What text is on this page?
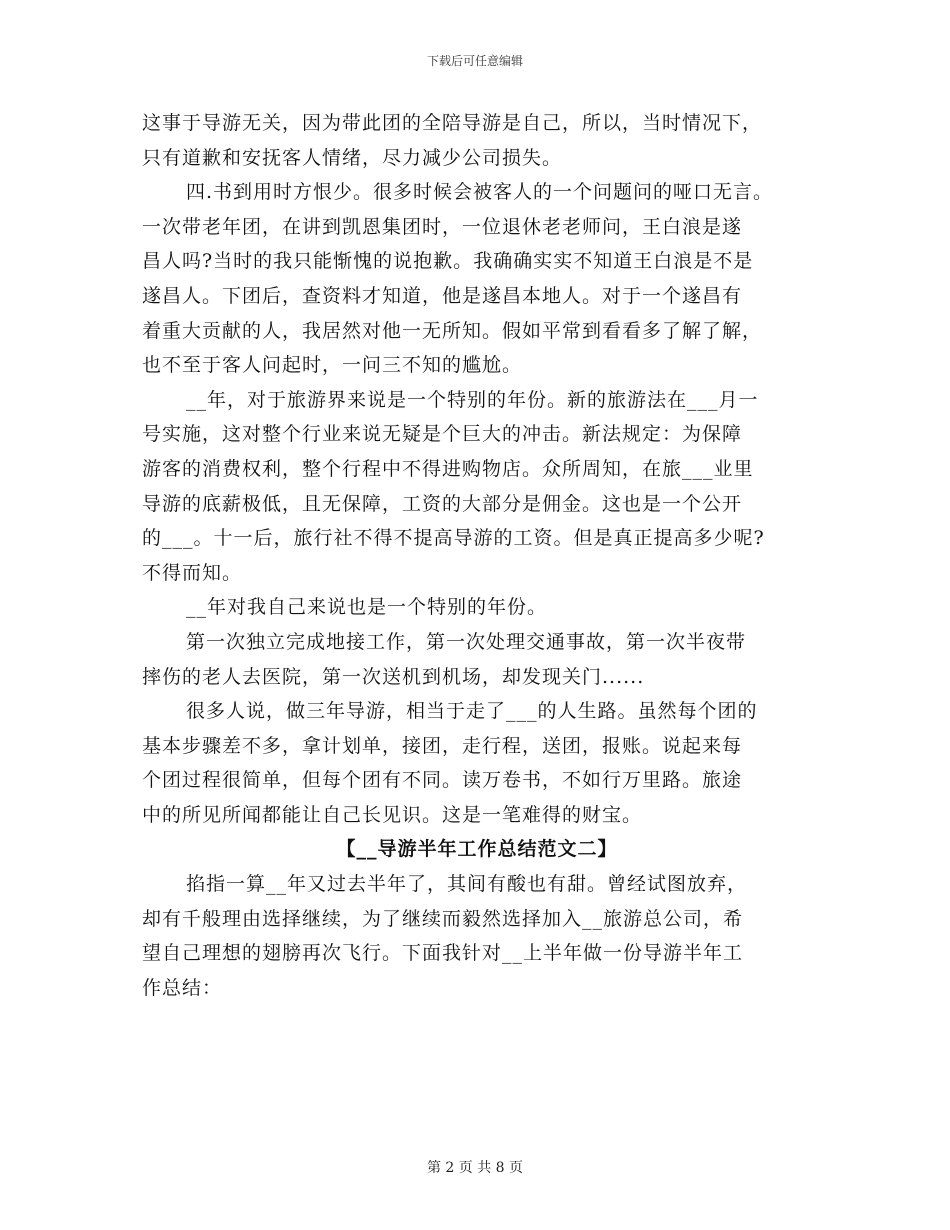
下载后可任意编辑
这事于导游无关，因为带此团的全陪导游是自己，所以，当时情况下，
只有道歉和安抚客人情绪，尽力减少公司损失。
四.书到用时方恨少。很多时候会被客人的一个问题问的哑口无言。
一次带老年团，在讲到凯恩集团时，一位退休老老师问，王白浪是遂
昌人吗?当时的我只能惭愧的说抱歉。我确确实实不知道王白浪是不是
遂昌人。下团后，查资料才知道，他是遂昌本地人。对于一个遂昌有
着重大贡献的人，我居然对他一无所知。假如平常到看看多了解了解，
也不至于客人问起时，一问三不知的尴尬。
__年，对于旅游界来说是一个特别的年份。新的旅游法在___月一
号实施，这对整个行业来说无疑是个巨大的冲击。新法规定：为保障
游客的消费权利，整个行程中不得进购物店。众所周知，在旅___业里
导游的底薪极低，且无保障，工资的大部分是佣金。这也是一个公开
的___。十一后，旅行社不得不提高导游的工资。但是真正提高多少呢?
不得而知。
__年对我自己来说也是一个特别的年份。
第一次独立完成地接工作，第一次处理交通事故，第一次半夜带
摔伤的老人去医院，第一次送机到机场，却发现关门......
很多人说，做三年导游，相当于走了___的人生路。虽然每个团的
基本步骤差不多，拿计划单，接团，走行程，送团，报账。说起来每
个团过程很简单，但每个团有不同。读万卷书，不如行万里路。旅途
中的所见所闻都能让自己长见识。这是一笔难得的财宝。
【__导游半年工作总结范文二】
掐指一算__年又过去半年了，其间有酸也有甜。曾经试图放弃，
却有千般理由选择继续，为了继续而毅然选择加入__旅游总公司，希
望自己理想的翅膀再次飞行。下面我针对__上半年做一份导游半年工
作总结：
第 2 页 共 8 页
